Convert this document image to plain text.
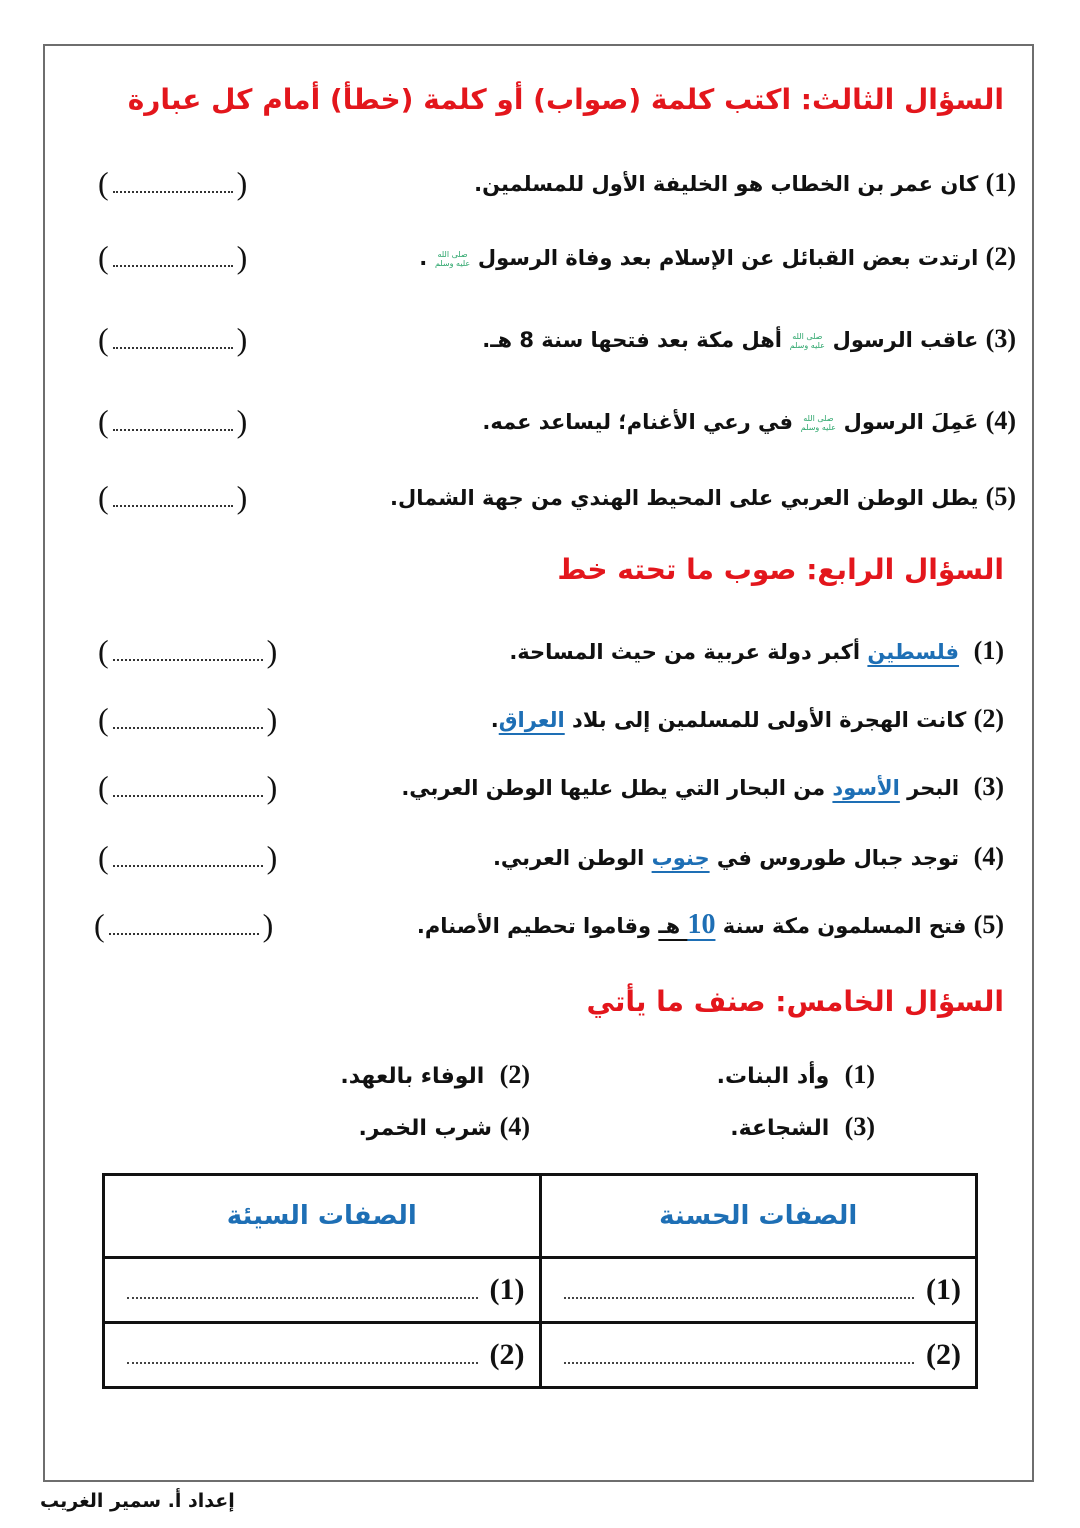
السؤال الثالث: اكتب كلمة (صواب) أو كلمة (خطأ) أمام كل عبارة
(1) كان عمر بن الخطاب هو الخليفة الأول للمسلمين.
(	)
(2) ارتدت بعض القبائل عن الإسلام بعد وفاة الرسول صلى الله عليه وسلم .
(	)
(3) عاقب الرسول صلى الله عليه وسلم أهل مكة بعد فتحها سنة 8 هـ.
(	)
(4) عَمِلَ الرسول صلى الله عليه وسلم في رعي الأغنام؛ ليساعد عمه.
(	)
(5) يطل الوطن العربي على المحيط الهندي من جهة الشمال.
(	)
السؤال الرابع: صوب ما تحته خط
(1)  فلسطين أكبر دولة عربية من حيث المساحة.
(	)
(2) كانت الهجرة الأولى للمسلمين إلى بلاد العراق.
(	)
(3)  البحر الأسود من البحار التي يطل عليها الوطن العربي.
(	)
(4)  توجد جبال طوروس في جنوب الوطن العربي.
(	)
(5) فتح المسلمون مكة سنة 10 هـ وقاموا تحطيم الأصنام.
(	)
السؤال الخامس: صنف ما يأتي
(1)  وأد البنات.
(2)  الوفاء بالعهد.
(3)  الشجاعة.
(4) شرب الخمر.
الصفات الحسنة	الصفات السيئة

(1)	(1)

(2)	(2)
إعداد أ. سمير الغريب
